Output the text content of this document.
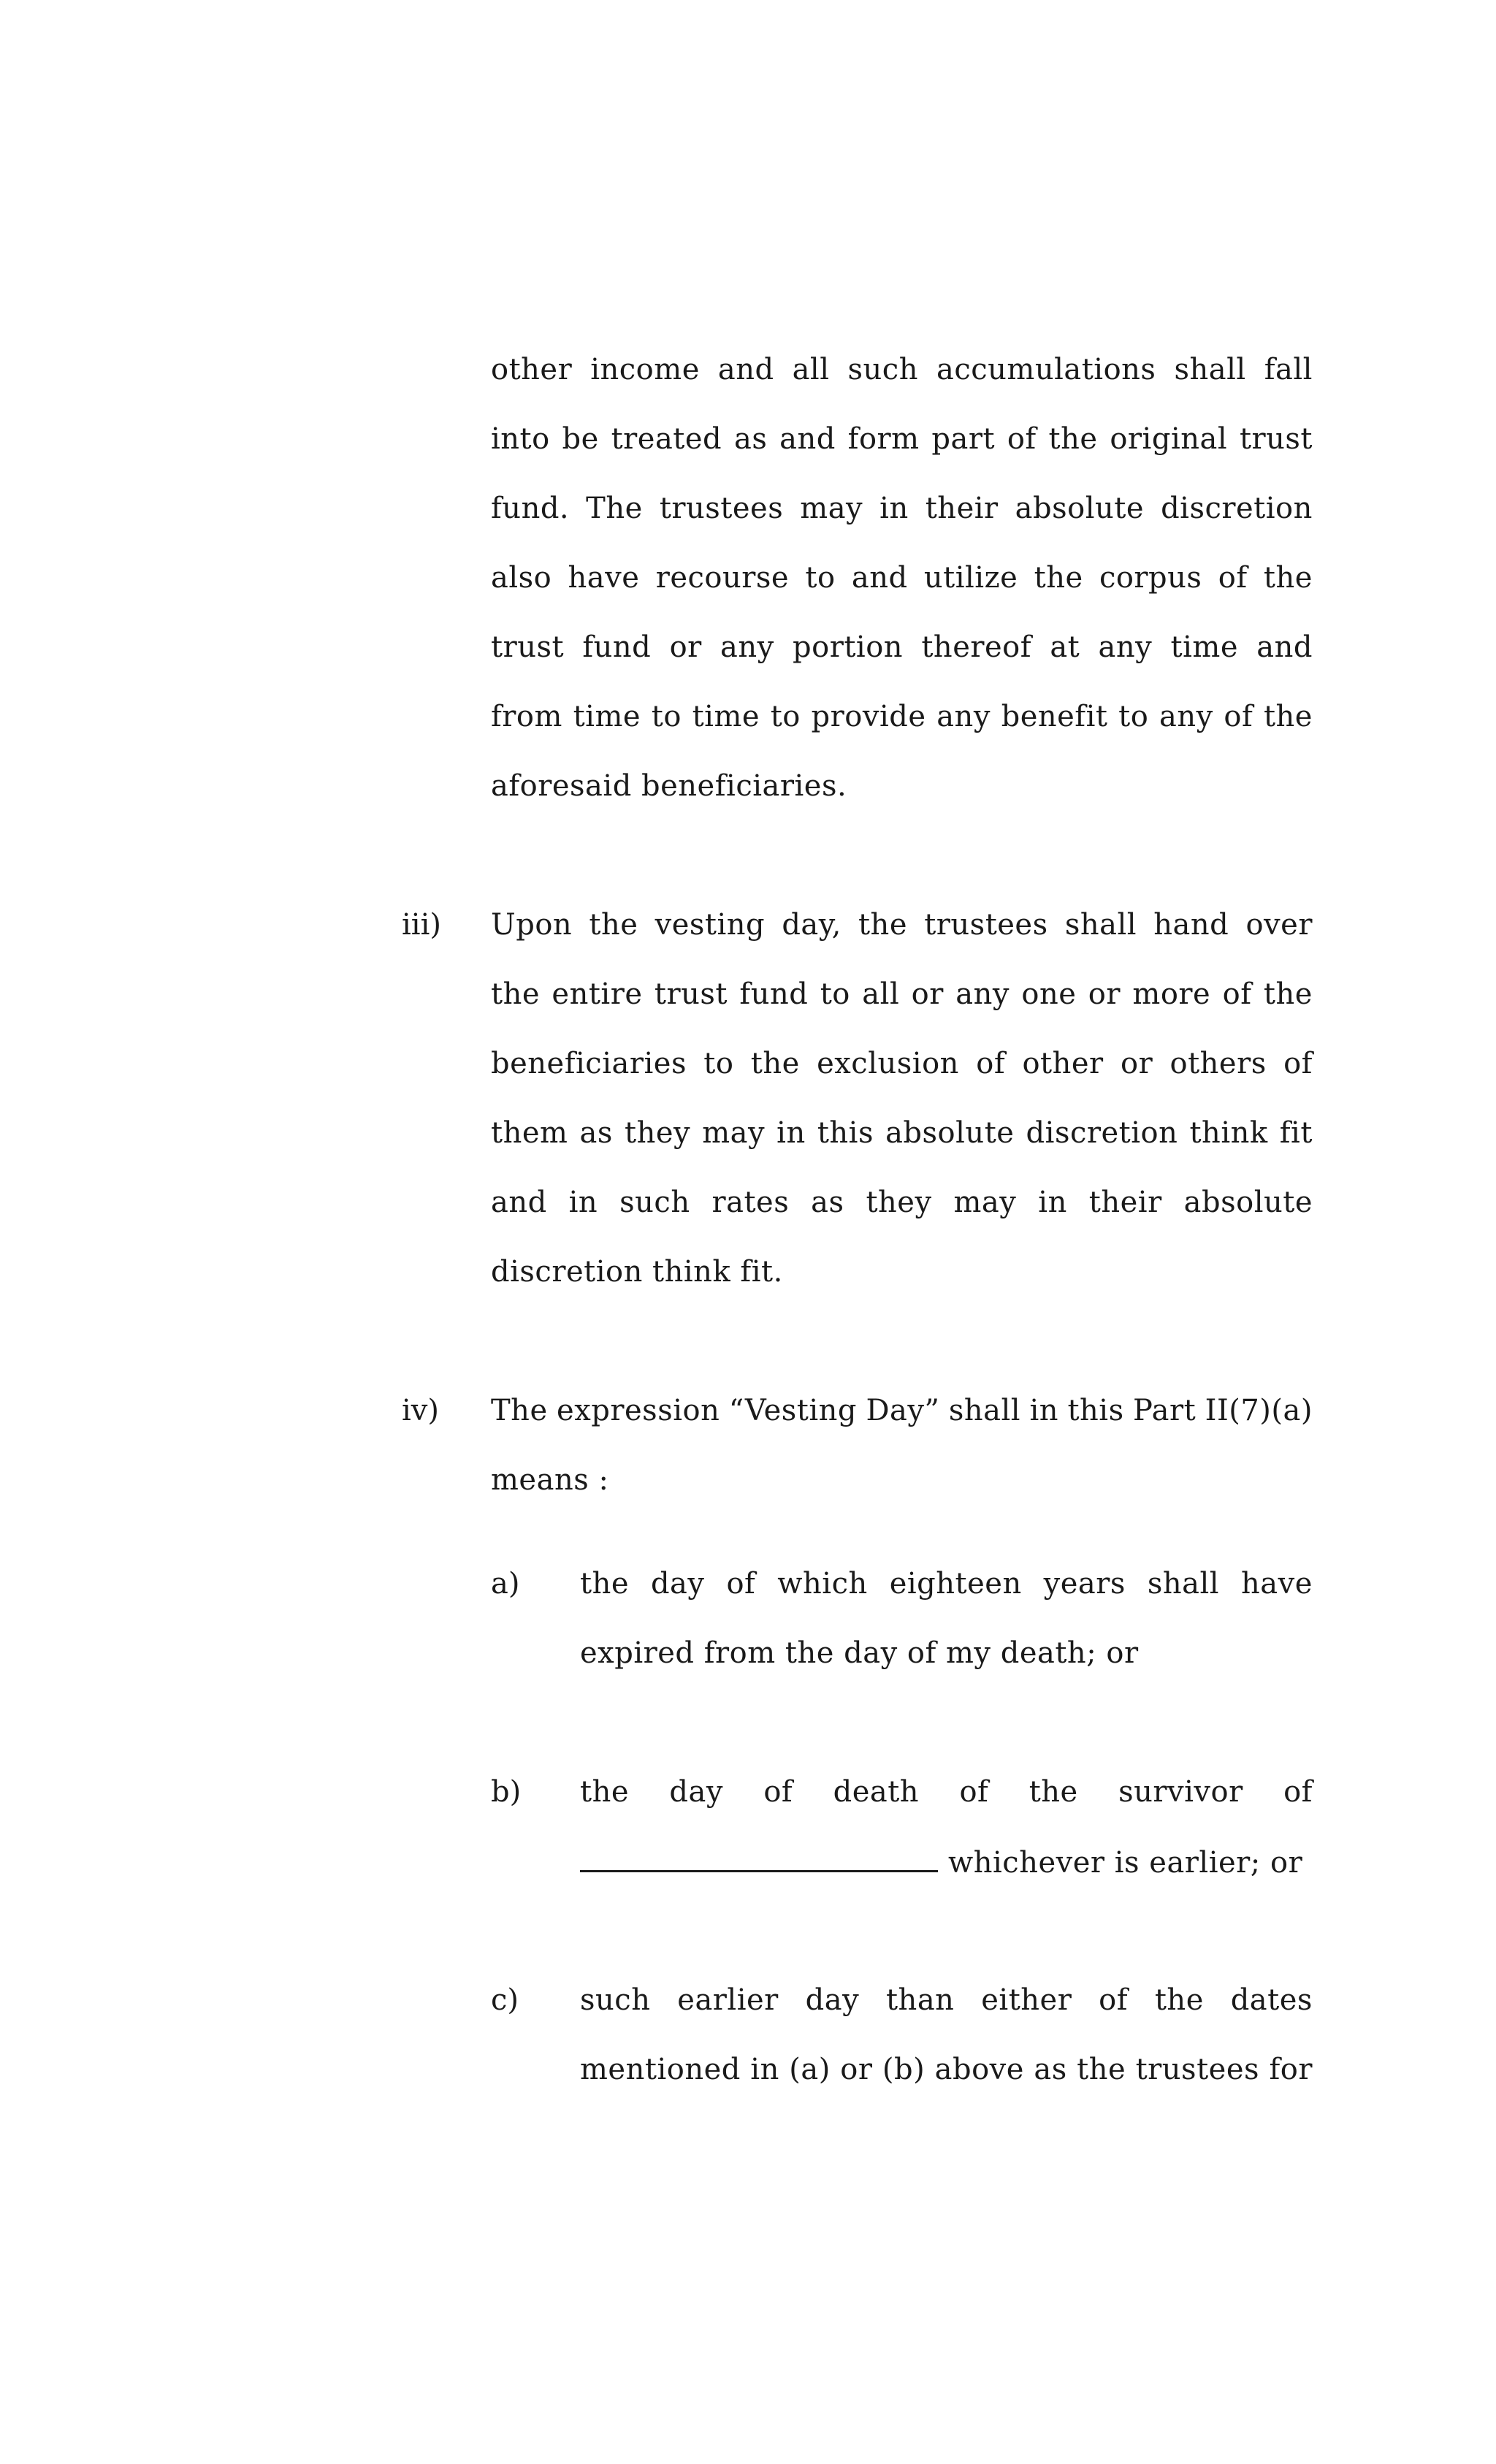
other income and all such accumulations shall fall
into be treated as and form part of the original trust
fund. The trustees may in their absolute discretion
also have recourse to and utilize the corpus of the
trust fund or any portion thereof at any time and
from time to time to provide any benefit to any of the
aforesaid beneficiaries.
iii) Upon the vesting day, the trustees shall hand over
the entire trust fund to all or any one or more of the
beneficiaries to the exclusion of other or others of
them as they may in this absolute discretion think fit
and in such rates as they may in their absolute
discretion think fit.
iv) The expression “Vesting Day” shall in this Part II(7)(a)
means :
a) the day of which eighteen years shall have
expired from the day of my death; or
b) the day of death of the survivor of
whichever is earlier; or
c) such earlier day than either of the dates
mentioned in (a) or (b) above as the trustees for
